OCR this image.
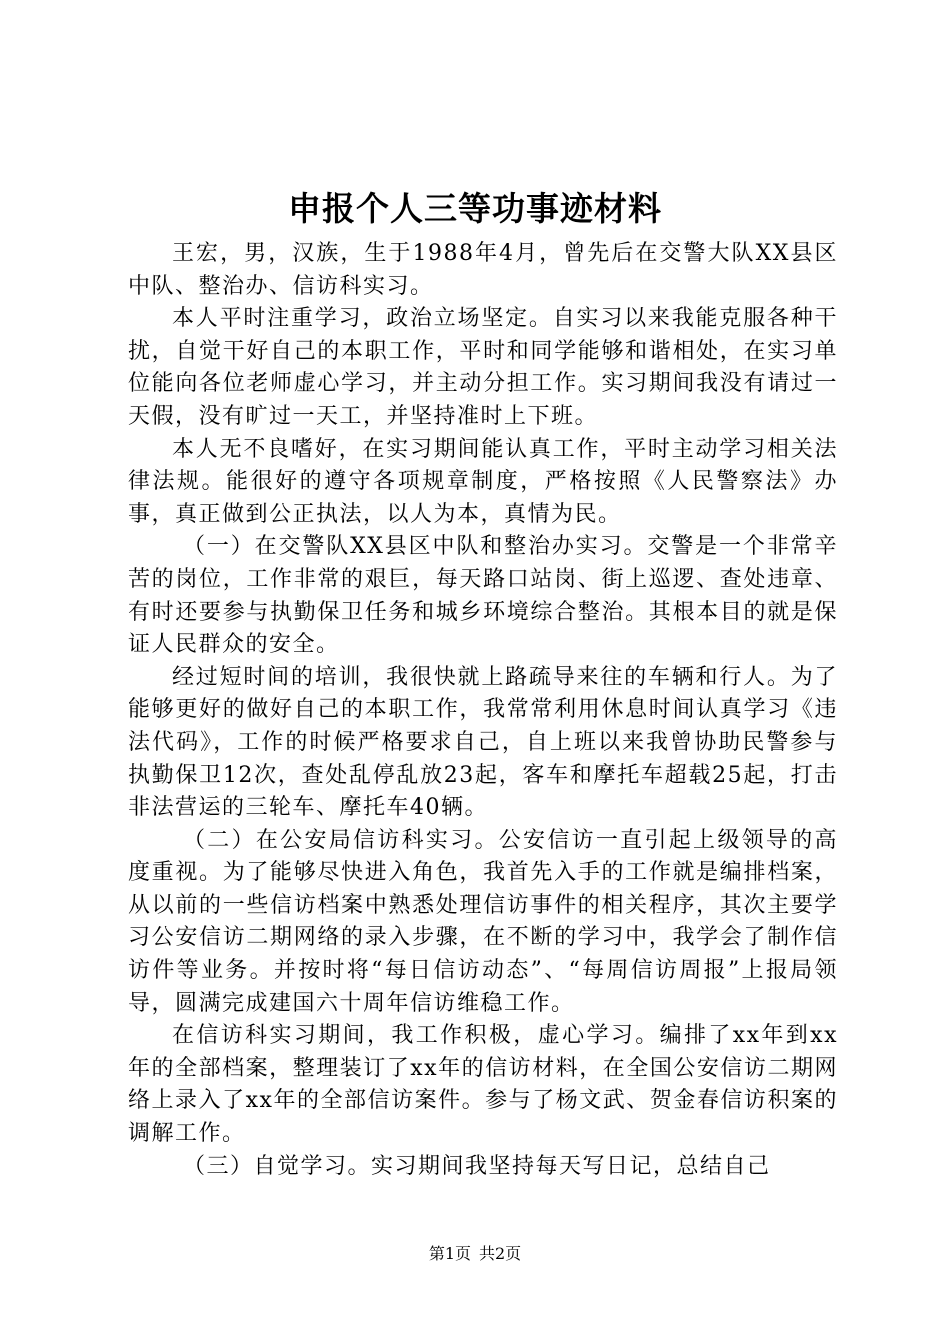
申报个人三等功事迹材料

王宏，男，汉族，生于1988年4月，曾先后在交警大队XX县区中队、整治办、信访科实习。

本人平时注重学习，政治立场坚定。自实习以来我能克服各种干扰，自觉干好自己的本职工作，平时和同学能够和谐相处，在实习单位能向各位老师虚心学习，并主动分担工作。实习期间我没有请过一天假，没有旷过一天工，并坚持准时上下班。

本人无不良嗜好，在实习期间能认真工作，平时主动学习相关法律法规。能很好的遵守各项规章制度，严格按照《人民警察法》办事，真正做到公正执法，以人为本，真情为民。

（一）在交警队XX县区中队和整治办实习。交警是一个非常辛苦的岗位，工作非常的艰巨，每天路口站岗、街上巡逻、查处违章、有时还要参与执勤保卫任务和城乡环境综合整治。其根本目的就是保证人民群众的安全。

经过短时间的培训，我很快就上路疏导来往的车辆和行人。为了能够更好的做好自己的本职工作，我常常利用休息时间认真学习《违法代码》，工作的时候严格要求自己，自上班以来我曾协助民警参与执勤保卫12次，查处乱停乱放23起，客车和摩托车超载25起，打击非法营运的三轮车、摩托车40辆。

（二）在公安局信访科实习。公安信访一直引起上级领导的高度重视。为了能够尽快进入角色，我首先入手的工作就是编排档案，从以前的一些信访档案中熟悉处理信访事件的相关程序，其次主要学习公安信访二期网络的录入步骤，在不断的学习中，我学会了制作信访件等业务。并按时将“每日信访动态”、“每周信访周报”上报局领导，圆满完成建国六十周年信访维稳工作。

在信访科实习期间，我工作积极，虚心学习。编排了xx年到xx年的全部档案，整理装订了xx年的信访材料，在全国公安信访二期网络上录入了xx年的全部信访案件。参与了杨文武、贺金春信访积案的调解工作。

（三）自觉学习。实习期间我坚持每天写日记，总结自己

第1页 共2页
